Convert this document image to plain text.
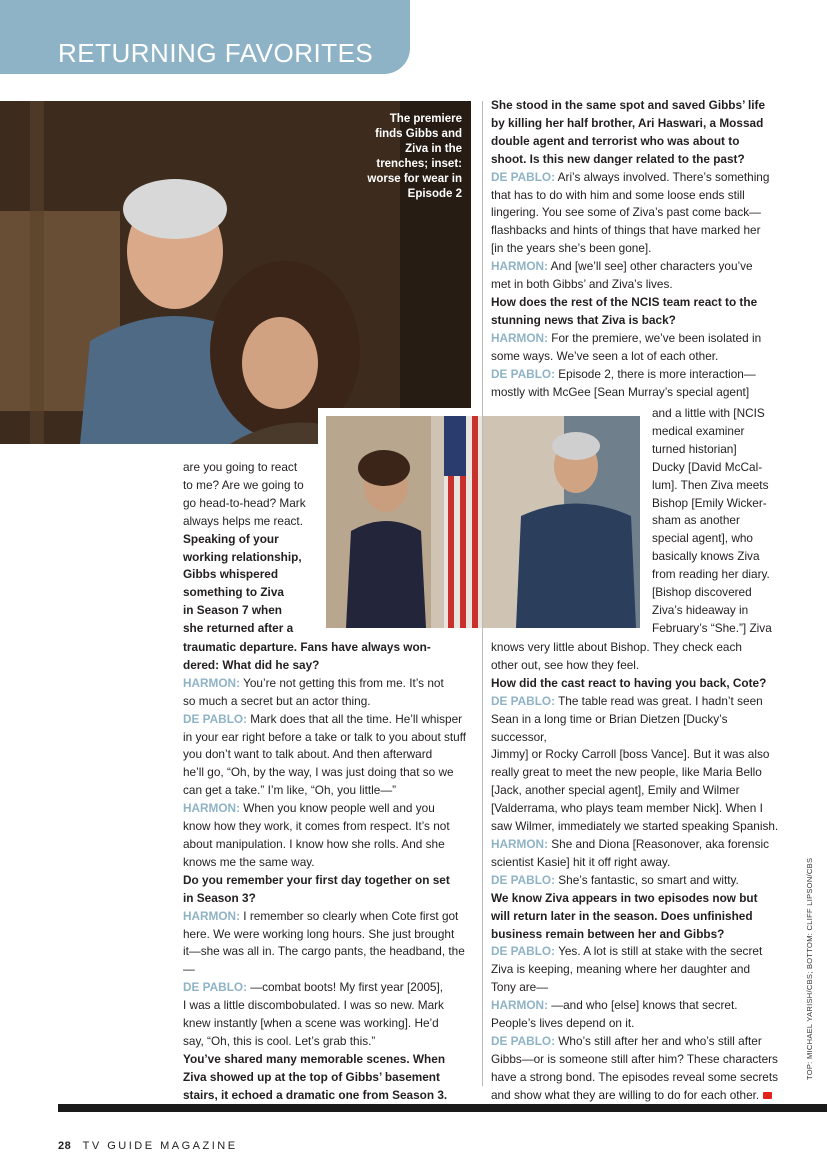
RETURNING FAVORITES
The premiere finds Gibbs and Ziva in the trenches; inset: worse for wear in Episode 2

are you going to react

to me? Are we going to

go head-to-head? Mark

always helps me react.

Speaking of your

working relationship,

Gibbs whispered

something to Ziva

in Season 7 when

she returned after a

traumatic departure. Fans have always won-

dered: What did he say?

HARMON: You’re not getting this from me. It’s not

so much a secret but an actor thing.

DE PABLO: Mark does that all the time. He’ll whisper

in your ear right before a take or talk to you about stuff

you don’t want to talk about. And then afterward

he’ll go, “Oh, by the way, I was just doing that so we

can get a take.” I’m like, “Oh, you little—”

HARMON: When you know people well and you

know how they work, it comes from respect. It’s not

about manipulation. I know how she rolls. And she

knows me the same way.

Do you remember your first day together on set

in Season 3?

HARMON: I remember so clearly when Cote first got

here. We were working long hours. She just brought

it—she was all in. The cargo pants, the headband, the—

DE PABLO: —combat boots! My first year [2005],

I was a little discombobulated. I was so new. Mark

knew instantly [when a scene was working]. He’d

say, “Oh, this is cool. Let’s grab this.”

You’ve shared many memorable scenes. When

Ziva showed up at the top of Gibbs’ basement

stairs, it echoed a dramatic one from Season 3.

She stood in the same spot and saved Gibbs’ life

by killing her half brother, Ari Haswari, a Mossad

double agent and terrorist who was about to

shoot. Is this new danger related to the past?

DE PABLO: Ari’s always involved. There’s something

that has to do with him and some loose ends still

lingering. You see some of Ziva’s past come back—

flashbacks and hints of things that have marked her

[in the years she’s been gone].

HARMON: And [we’ll see] other characters you’ve

met in both Gibbs’ and Ziva’s lives.

How does the rest of the NCIS team react to the

stunning news that Ziva is back?

HARMON: For the premiere, we’ve been isolated in

some ways. We’ve seen a lot of each other.

DE PABLO: Episode 2, there is more interaction—

mostly with McGee [Sean Murray’s special agent]

and a little with [NCIS

medical examiner

turned historian]

Ducky [David McCal-

lum]. Then Ziva meets

Bishop [Emily Wicker-

sham as another

special agent], who

basically knows Ziva

from reading her diary.

[Bishop discovered

Ziva’s hideaway in

February’s “She.”] Ziva

knows very little about Bishop. They check each

other out, see how they feel.

How did the cast react to having you back, Cote?

DE PABLO: The table read was great. I hadn’t seen

Sean in a long time or Brian Dietzen [Ducky’s successor,

Jimmy] or Rocky Carroll [boss Vance]. But it was also

really great to meet the new people, like Maria Bello

[Jack, another special agent], Emily and Wilmer

[Valderrama, who plays team member Nick]. When I

saw Wilmer, immediately we started speaking Spanish.

HARMON: She and Diona [Reasonover, aka forensic

scientist Kasie] hit it off right away.

DE PABLO: She’s fantastic, so smart and witty.

We know Ziva appears in two episodes now but

will return later in the season. Does unfinished

business remain between her and Gibbs?

DE PABLO: Yes. A lot is still at stake with the secret

Ziva is keeping, meaning where her daughter and

Tony are—

HARMON: —and who [else] knows that secret.

People’s lives depend on it.

DE PABLO: Who’s still after her and who’s still after

Gibbs—or is someone still after him? These characters

have a strong bond. The episodes reveal some secrets

and show what they are willing to do for each other.

28 TV GUIDE MAGAZINE
TOP: MICHAEL YARISH/CBS; BOTTOM: CLIFF LIPSON/CBS
